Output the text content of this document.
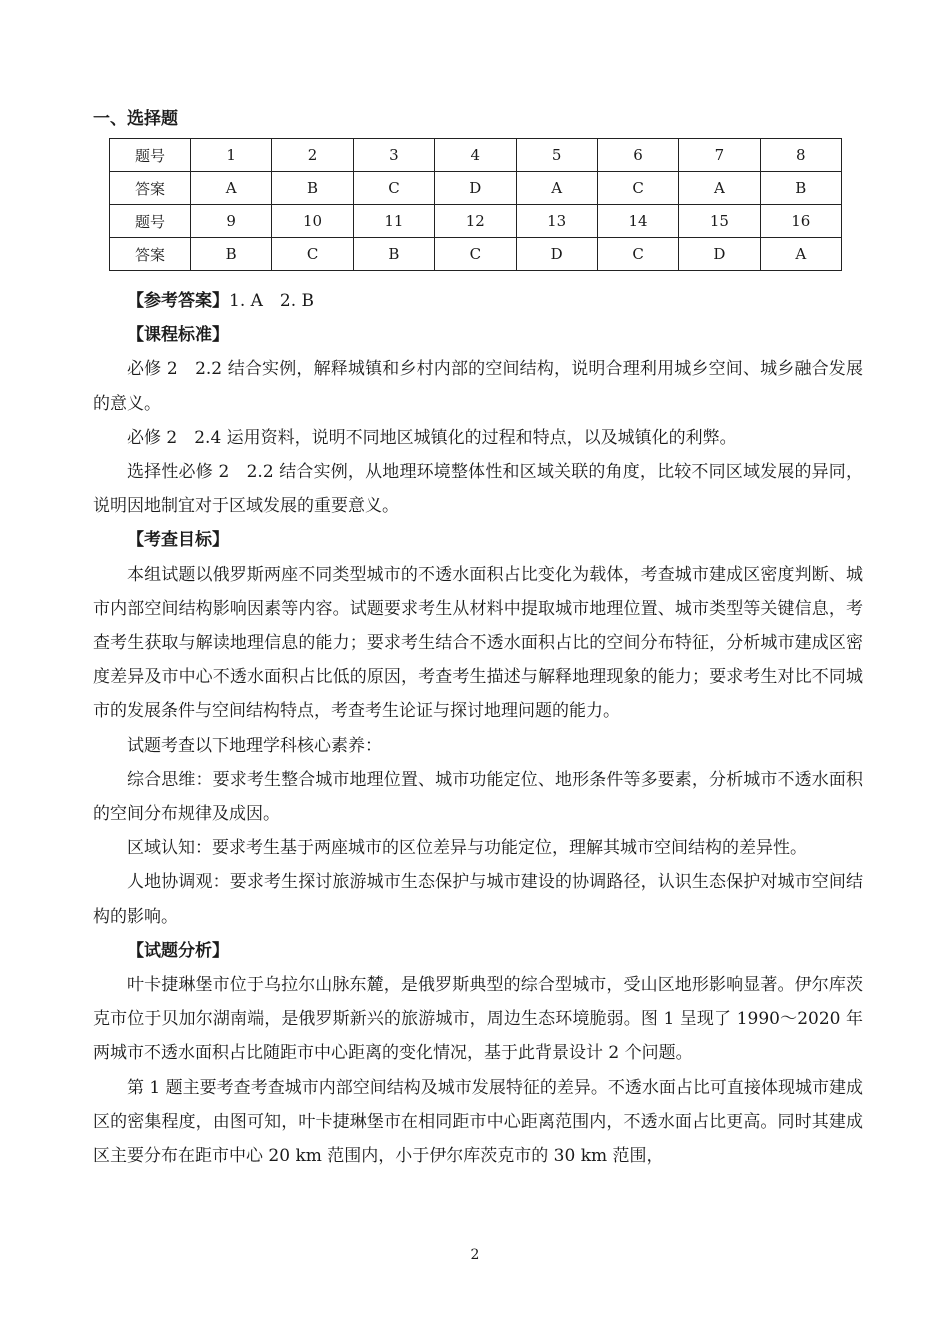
一、选择题
题号	1	2	3	4	5	6	7	8
答案	A	B	C	D	A	C	A	B
题号	9	10	11	12	13	14	15	16
答案	B	C	B	C	D	C	D	A

【参考答案】1. A　2. B

【课程标准】

必修 2　2.2 结合实例，解释城镇和乡村内部的空间结构，说明合理利用城乡空间、城乡融合发展的意义。

必修 2　2.4 运用资料，说明不同地区城镇化的过程和特点，以及城镇化的利弊。

选择性必修 2　2.2 结合实例，从地理环境整体性和区域关联的角度，比较不同区域发展的异同，说明因地制宜对于区域发展的重要意义。

【考查目标】

本组试题以俄罗斯两座不同类型城市的不透水面积占比变化为载体，考查城市建成区密度判断、城市内部空间结构影响因素等内容。试题要求考生从材料中提取城市地理位置、城市类型等关键信息，考查考生获取与解读地理信息的能力；要求考生结合不透水面积占比的空间分布特征，分析城市建成区密度差异及市中心不透水面积占比低的原因，考查考生描述与解释地理现象的能力；要求考生对比不同城市的发展条件与空间结构特点，考查考生论证与探讨地理问题的能力。

试题考查以下地理学科核心素养：

综合思维：要求考生整合城市地理位置、城市功能定位、地形条件等多要素，分析城市不透水面积的空间分布规律及成因。

区域认知：要求考生基于两座城市的区位差异与功能定位，理解其城市空间结构的差异性。

人地协调观：要求考生探讨旅游城市生态保护与城市建设的协调路径，认识生态保护对城市空间结构的影响。

【试题分析】

叶卡捷琳堡市位于乌拉尔山脉东麓，是俄罗斯典型的综合型城市，受山区地形影响显著。伊尔库茨克市位于贝加尔湖南端，是俄罗斯新兴的旅游城市，周边生态环境脆弱。图 1 呈现了 1990～2020 年两城市不透水面积占比随距市中心距离的变化情况，基于此背景设计 2 个问题。

第 1 题主要考查考查城市内部空间结构及城市发展特征的差异。不透水面占比可直接体现城市建成区的密集程度，由图可知，叶卡捷琳堡市在相同距市中心距离范围内，不透水面占比更高。同时其建成区主要分布在距市中心 20 km 范围内，小于伊尔库茨克市的 30 km 范围，

2
